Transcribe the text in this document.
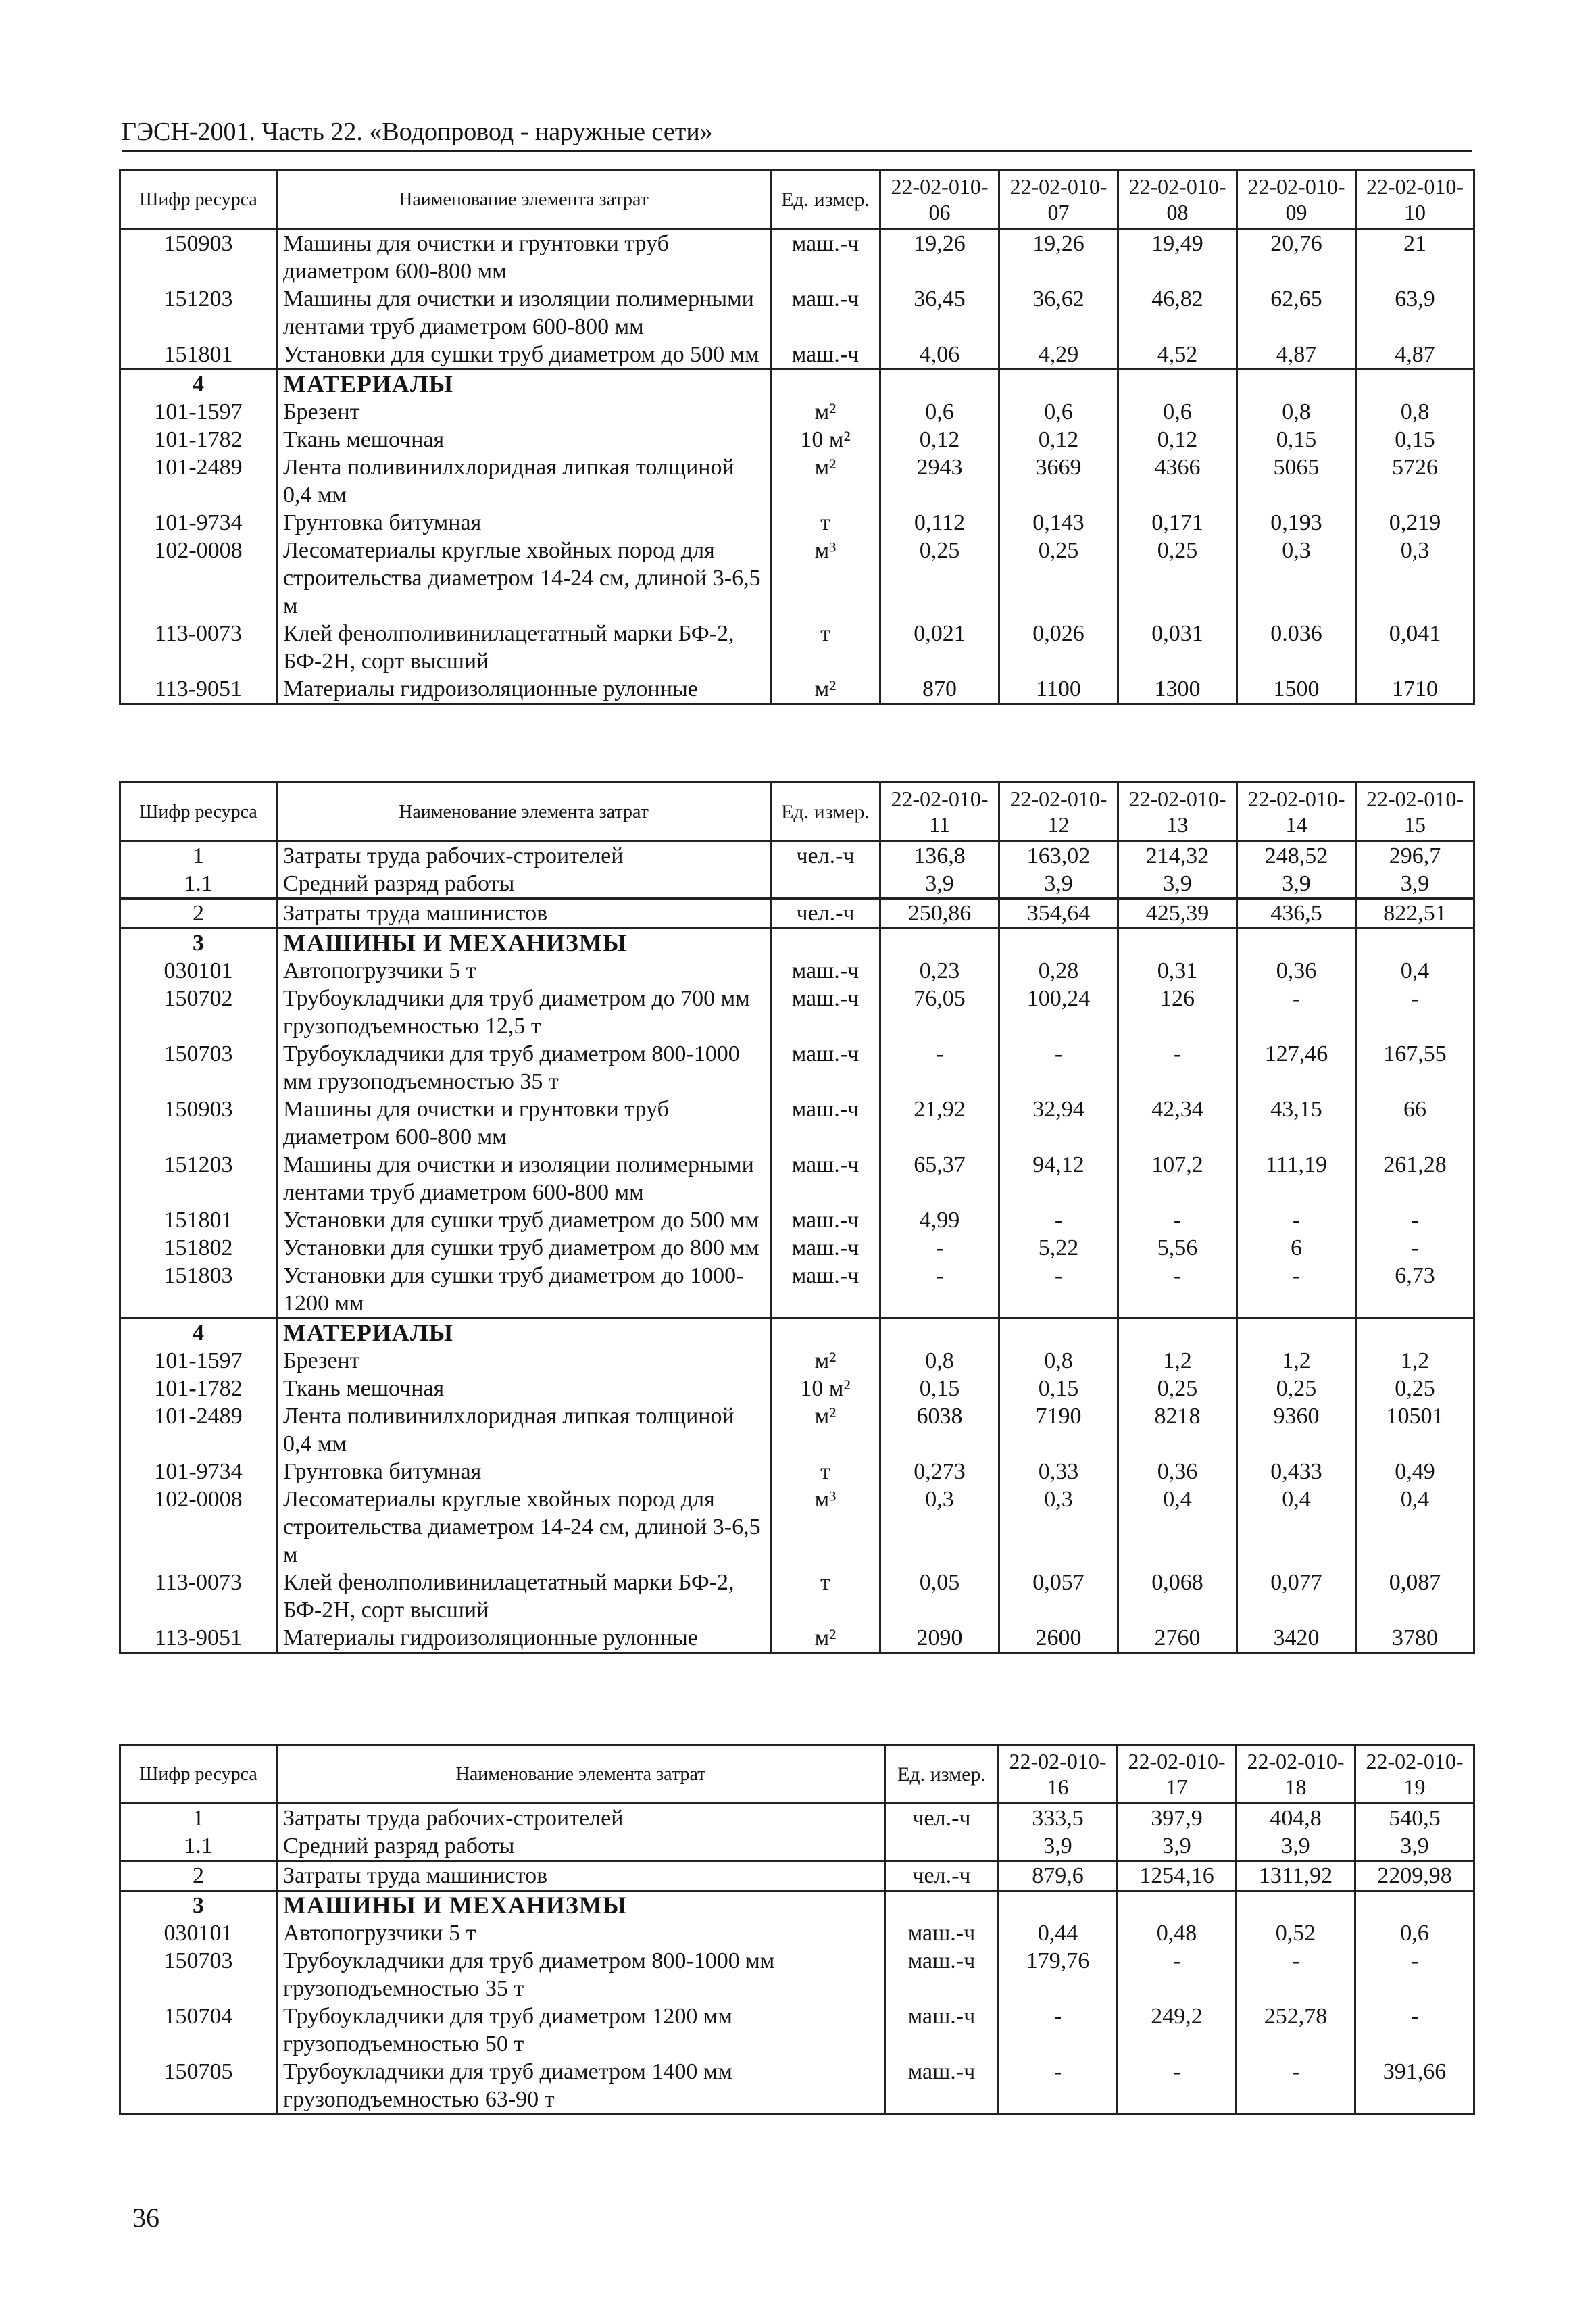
ГЭСН-2001. Часть 22. «Водопровод - наружные сети»
Шифр ресурса	Наименование элемента затрат	Ед. измер.	22-02-010-06	22-02-010-07	22-02-010-08	22-02-010-09	22-02-010-10
150903	Машины для очистки и грунтовки труб диаметром 600-800 мм	маш.-ч	19,26	19,26	19,49	20,76	21
151203	Машины для очистки и изоляции полимерными лентами труб диаметром 600-800 мм	маш.-ч	36,45	36,62	46,82	62,65	63,9
151801	Установки для сушки труб диаметром до 500 мм	маш.-ч	4,06	4,29	4,52	4,87	4,87
4	МАТЕРИАЛЫ						
101-1597	Брезент	м²	0,6	0,6	0,6	0,8	0,8
101-1782	Ткань мешочная	10 м²	0,12	0,12	0,12	0,15	0,15
101-2489	Лента поливинилхлоридная липкая толщиной 0,4 мм	м²	2943	3669	4366	5065	5726
101-9734	Грунтовка битумная	т	0,112	0,143	0,171	0,193	0,219
102-0008	Лесоматериалы круглые хвойных пород для строительства диаметром 14-24 см, длиной 3-6,5 м	м³	0,25	0,25	0,25	0,3	0,3
113-0073	Клей фенолполивинилацетатный марки БФ-2, БФ-2Н, сорт высший	т	0,021	0,026	0,031	0.036	0,041
113-9051	Материалы гидроизоляционные рулонные	м²	870	1100	1300	1500	1710
Шифр ресурса	Наименование элемента затрат	Ед. измер.	22-02-010-11	22-02-010-12	22-02-010-13	22-02-010-14	22-02-010-15
1	Затраты труда рабочих-строителей	чел.-ч	136,8	163,02	214,32	248,52	296,7
1.1	Средний разряд работы		3,9	3,9	3,9	3,9	3,9
2	Затраты труда машинистов	чел.-ч	250,86	354,64	425,39	436,5	822,51
3	МАШИНЫ И МЕХАНИЗМЫ						
030101	Автопогрузчики 5 т	маш.-ч	0,23	0,28	0,31	0,36	0,4
150702	Трубоукладчики для труб диаметром до 700 мм грузоподъемностью 12,5 т	маш.-ч	76,05	100,24	126	-	-
150703	Трубоукладчики для труб диаметром 800-1000 мм грузоподъемностью 35 т	маш.-ч	-	-	-	127,46	167,55
150903	Машины для очистки и грунтовки труб диаметром 600-800 мм	маш.-ч	21,92	32,94	42,34	43,15	66
151203	Машины для очистки и изоляции полимерными лентами труб диаметром 600-800 мм	маш.-ч	65,37	94,12	107,2	111,19	261,28
151801	Установки для сушки труб диаметром до 500 мм	маш.-ч	4,99	-	-	-	-
151802	Установки для сушки труб диаметром до 800 мм	маш.-ч	-	5,22	5,56	6	-
151803	Установки для сушки труб диаметром до 1000-1200 мм	маш.-ч	-	-	-	-	6,73
4	МАТЕРИАЛЫ						
101-1597	Брезент	м²	0,8	0,8	1,2	1,2	1,2
101-1782	Ткань мешочная	10 м²	0,15	0,15	0,25	0,25	0,25
101-2489	Лента поливинилхлоридная липкая толщиной 0,4 мм	м²	6038	7190	8218	9360	10501
101-9734	Грунтовка битумная	т	0,273	0,33	0,36	0,433	0,49
102-0008	Лесоматериалы круглые хвойных пород для строительства диаметром 14-24 см, длиной 3-6,5 м	м³	0,3	0,3	0,4	0,4	0,4
113-0073	Клей фенолполивинилацетатный марки БФ-2, БФ-2Н, сорт высший	т	0,05	0,057	0,068	0,077	0,087
113-9051	Материалы гидроизоляционные рулонные	м²	2090	2600	2760	3420	3780
Шифр ресурса	Наименование элемента затрат	Ед. измер.	22-02-010-16	22-02-010-17	22-02-010-18	22-02-010-19
1	Затраты труда рабочих-строителей	чел.-ч	333,5	397,9	404,8	540,5
1.1	Средний разряд работы		3,9	3,9	3,9	3,9
2	Затраты труда машинистов	чел.-ч	879,6	1254,16	1311,92	2209,98
3	МАШИНЫ И МЕХАНИЗМЫ					
030101	Автопогрузчики 5 т	маш.-ч	0,44	0,48	0,52	0,6
150703	Трубоукладчики для труб диаметром 800-1000 мм грузоподъемностью 35 т	маш.-ч	179,76	-	-	-
150704	Трубоукладчики для труб диаметром 1200 мм грузоподъемностью 50 т	маш.-ч	-	249,2	252,78	-
150705	Трубоукладчики для труб диаметром 1400 мм грузоподъемностью 63-90 т	маш.-ч	-	-	-	391,66
36
